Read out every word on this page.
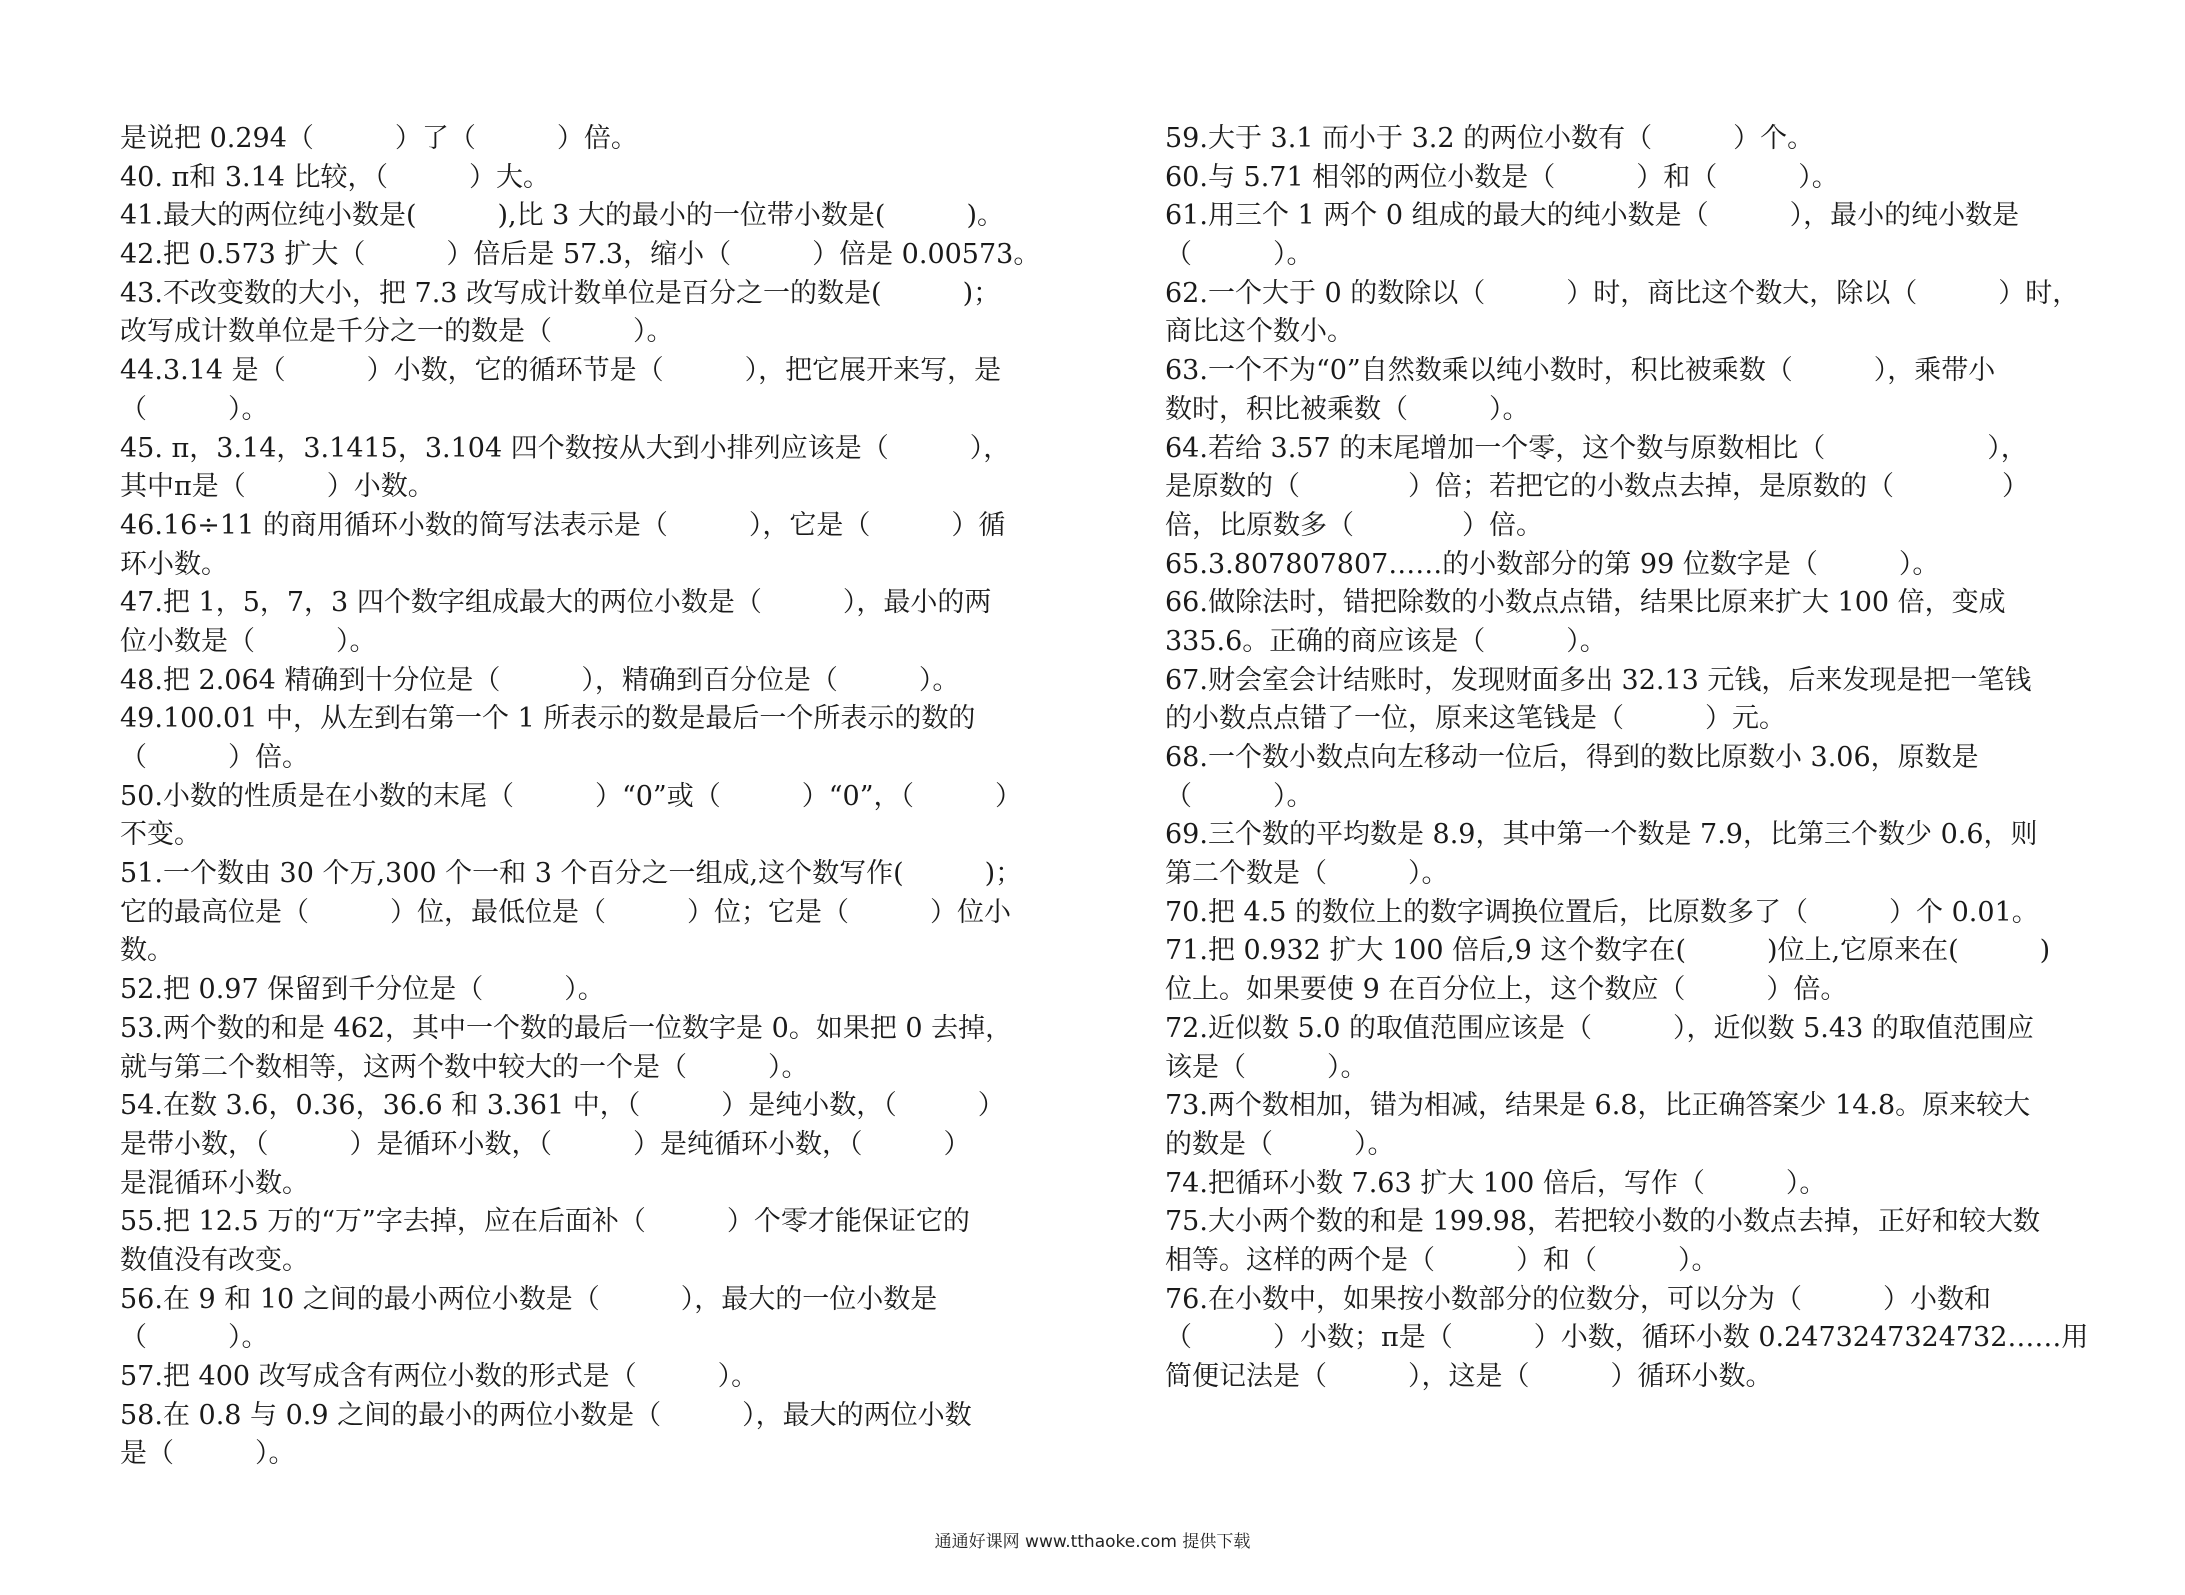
是说把 0.294（　　　）了（　　　）倍。
40. π和 3.14 比较，（　　　）大。
41.最大的两位纯小数是(　　　),比 3 大的最小的一位带小数是(　　　)。
42.把 0.573 扩大（　　　）倍后是 57.3，缩小（　　　）倍是 0.00573。
43.不改变数的大小，把 7.3 改写成计数单位是百分之一的数是(　　　)；
改写成计数单位是千分之一的数是（　　　）。
44.3.14 是（　　　）小数，它的循环节是（　　　），把它展开来写，是
（　　　）。
45. π，3.14，3.1415，3.104 四个数按从大到小排列应该是（　　　），
其中π是（　　　）小数。
46.16÷11 的商用循环小数的简写法表示是（　　　），它是（　　　）循
环小数。
47.把 1，5，7，3 四个数字组成最大的两位小数是（　　　），最小的两
位小数是（　　　）。
48.把 2.064 精确到十分位是（　　　），精确到百分位是（　　　）。
49.100.01 中，从左到右第一个 1 所表示的数是最后一个所表示的数的
（　　　）倍。
50.小数的性质是在小数的末尾（　　　）“0”或（　　　）“0”，（　　　）
不变。
51.一个数由 30 个万,300 个一和 3 个百分之一组成,这个数写作(　　　)；
它的最高位是（　　　）位，最低位是（　　　）位；它是（　　　）位小
数。
52.把 0.97 保留到千分位是（　　　）。
53.两个数的和是 462，其中一个数的最后一位数字是 0。如果把 0 去掉，
就与第二个数相等，这两个数中较大的一个是（　　　）。
54.在数 3.6，0.36，36.6 和 3.361 中，（　　　）是纯小数，（　　　）
是带小数，（　　　）是循环小数，（　　　）是纯循环小数，（　　　）
是混循环小数。
55.把 12.5 万的“万”字去掉，应在后面补（　　　）个零才能保证它的
数值没有改变。
56.在 9 和 10 之间的最小两位小数是（　　　），最大的一位小数是
（　　　）。
57.把 400 改写成含有两位小数的形式是（　　　）。
58.在 0.8 与 0.9 之间的最小的两位小数是（　　　），最大的两位小数
是（　　　）。
59.大于 3.1 而小于 3.2 的两位小数有（　　　）个。
60.与 5.71 相邻的两位小数是（　　　）和（　　　）。
61.用三个 1 两个 0 组成的最大的纯小数是（　　　），最小的纯小数是
（　　　）。
62.一个大于 0 的数除以（　　　）时，商比这个数大，除以（　　　）时，
商比这个数小。
63.一个不为“0”自然数乘以纯小数时，积比被乘数（　　　），乘带小
数时，积比被乘数（　　　）。
64.若给 3.57 的末尾增加一个零，这个数与原数相比（　　　　　　），
是原数的（　　　　）倍；若把它的小数点去掉，是原数的（　　　　）
倍，比原数多（　　　　）倍。
65.3.807807807……的小数部分的第 99 位数字是（　　　）。
66.做除法时，错把除数的小数点点错，结果比原来扩大 100 倍，变成
335.6。正确的商应该是（　　　）。
67.财会室会计结账时，发现财面多出 32.13 元钱，后来发现是把一笔钱
的小数点点错了一位，原来这笔钱是（　　　）元。
68.一个数小数点向左移动一位后，得到的数比原数小 3.06，原数是
（　　　）。
69.三个数的平均数是 8.9，其中第一个数是 7.9，比第三个数少 0.6，则
第二个数是（　　　）。
70.把 4.5 的数位上的数字调换位置后，比原数多了（　　　）个 0.01。
71.把 0.932 扩大 100 倍后,9 这个数字在(　　　)位上,它原来在(　　　)
位上。如果要使 9 在百分位上，这个数应（　　　）倍。
72.近似数 5.0 的取值范围应该是（　　　），近似数 5.43 的取值范围应
该是（　　　）。
73.两个数相加，错为相减，结果是 6.8，比正确答案少 14.8。原来较大
的数是（　　　）。
74.把循环小数 7.63 扩大 100 倍后，写作（　　　）。
75.大小两个数的和是 199.98，若把较小数的小数点去掉，正好和较大数
相等。这样的两个是（　　　）和（　　　）。
76.在小数中，如果按小数部分的位数分，可以分为（　　　）小数和
（　　　）小数；π是（　　　）小数，循环小数 0.2473247324732……用
简便记法是（　　　），这是（　　　）循环小数。
通通好课网 www.tthaoke.com 提供下载
